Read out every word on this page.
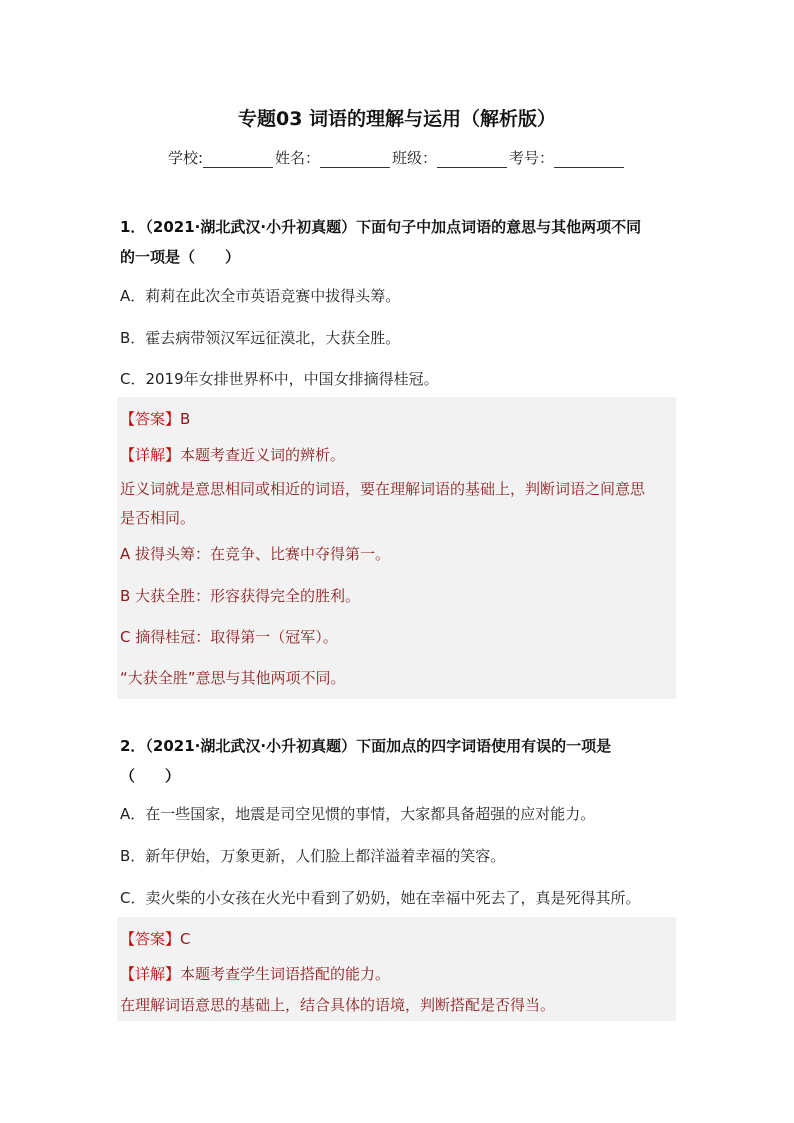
专题03 词语的理解与运用（解析版）
学校:	姓名：	班级：	考号：
1．（2021·湖北武汉·小升初真题）下面句子中加点词语的意思与其他两项不同
的一项是（　　）
A．莉莉在此次全市英语竞赛中拔得头筹。
B．霍去病带领汉军远征漠北，大获全胜。
C．2019年女排世界杯中，中国女排摘得桂冠。
【答案】B
【详解】本题考查近义词的辨析。
近义词就是意思相同或相近的词语，要在理解词语的基础上，判断词语之间意思
是否相同。
A 拔得头筹：在竞争、比赛中夺得第一。
B 大获全胜：形容获得完全的胜利。
C 摘得桂冠：取得第一（冠军）。
“大获全胜”意思与其他两项不同。
2．（2021·湖北武汉·小升初真题）下面加点的四字词语使用有误的一项是
（　　）
A．在一些国家，地震是司空见惯的事情，大家都具备超强的应对能力。
B．新年伊始，万象更新，人们脸上都洋溢着幸福的笑容。
C．卖火柴的小女孩在火光中看到了奶奶，她在幸福中死去了，真是死得其所。
【答案】C
【详解】本题考查学生词语搭配的能力。
在理解词语意思的基础上，结合具体的语境，判断搭配是否得当。
